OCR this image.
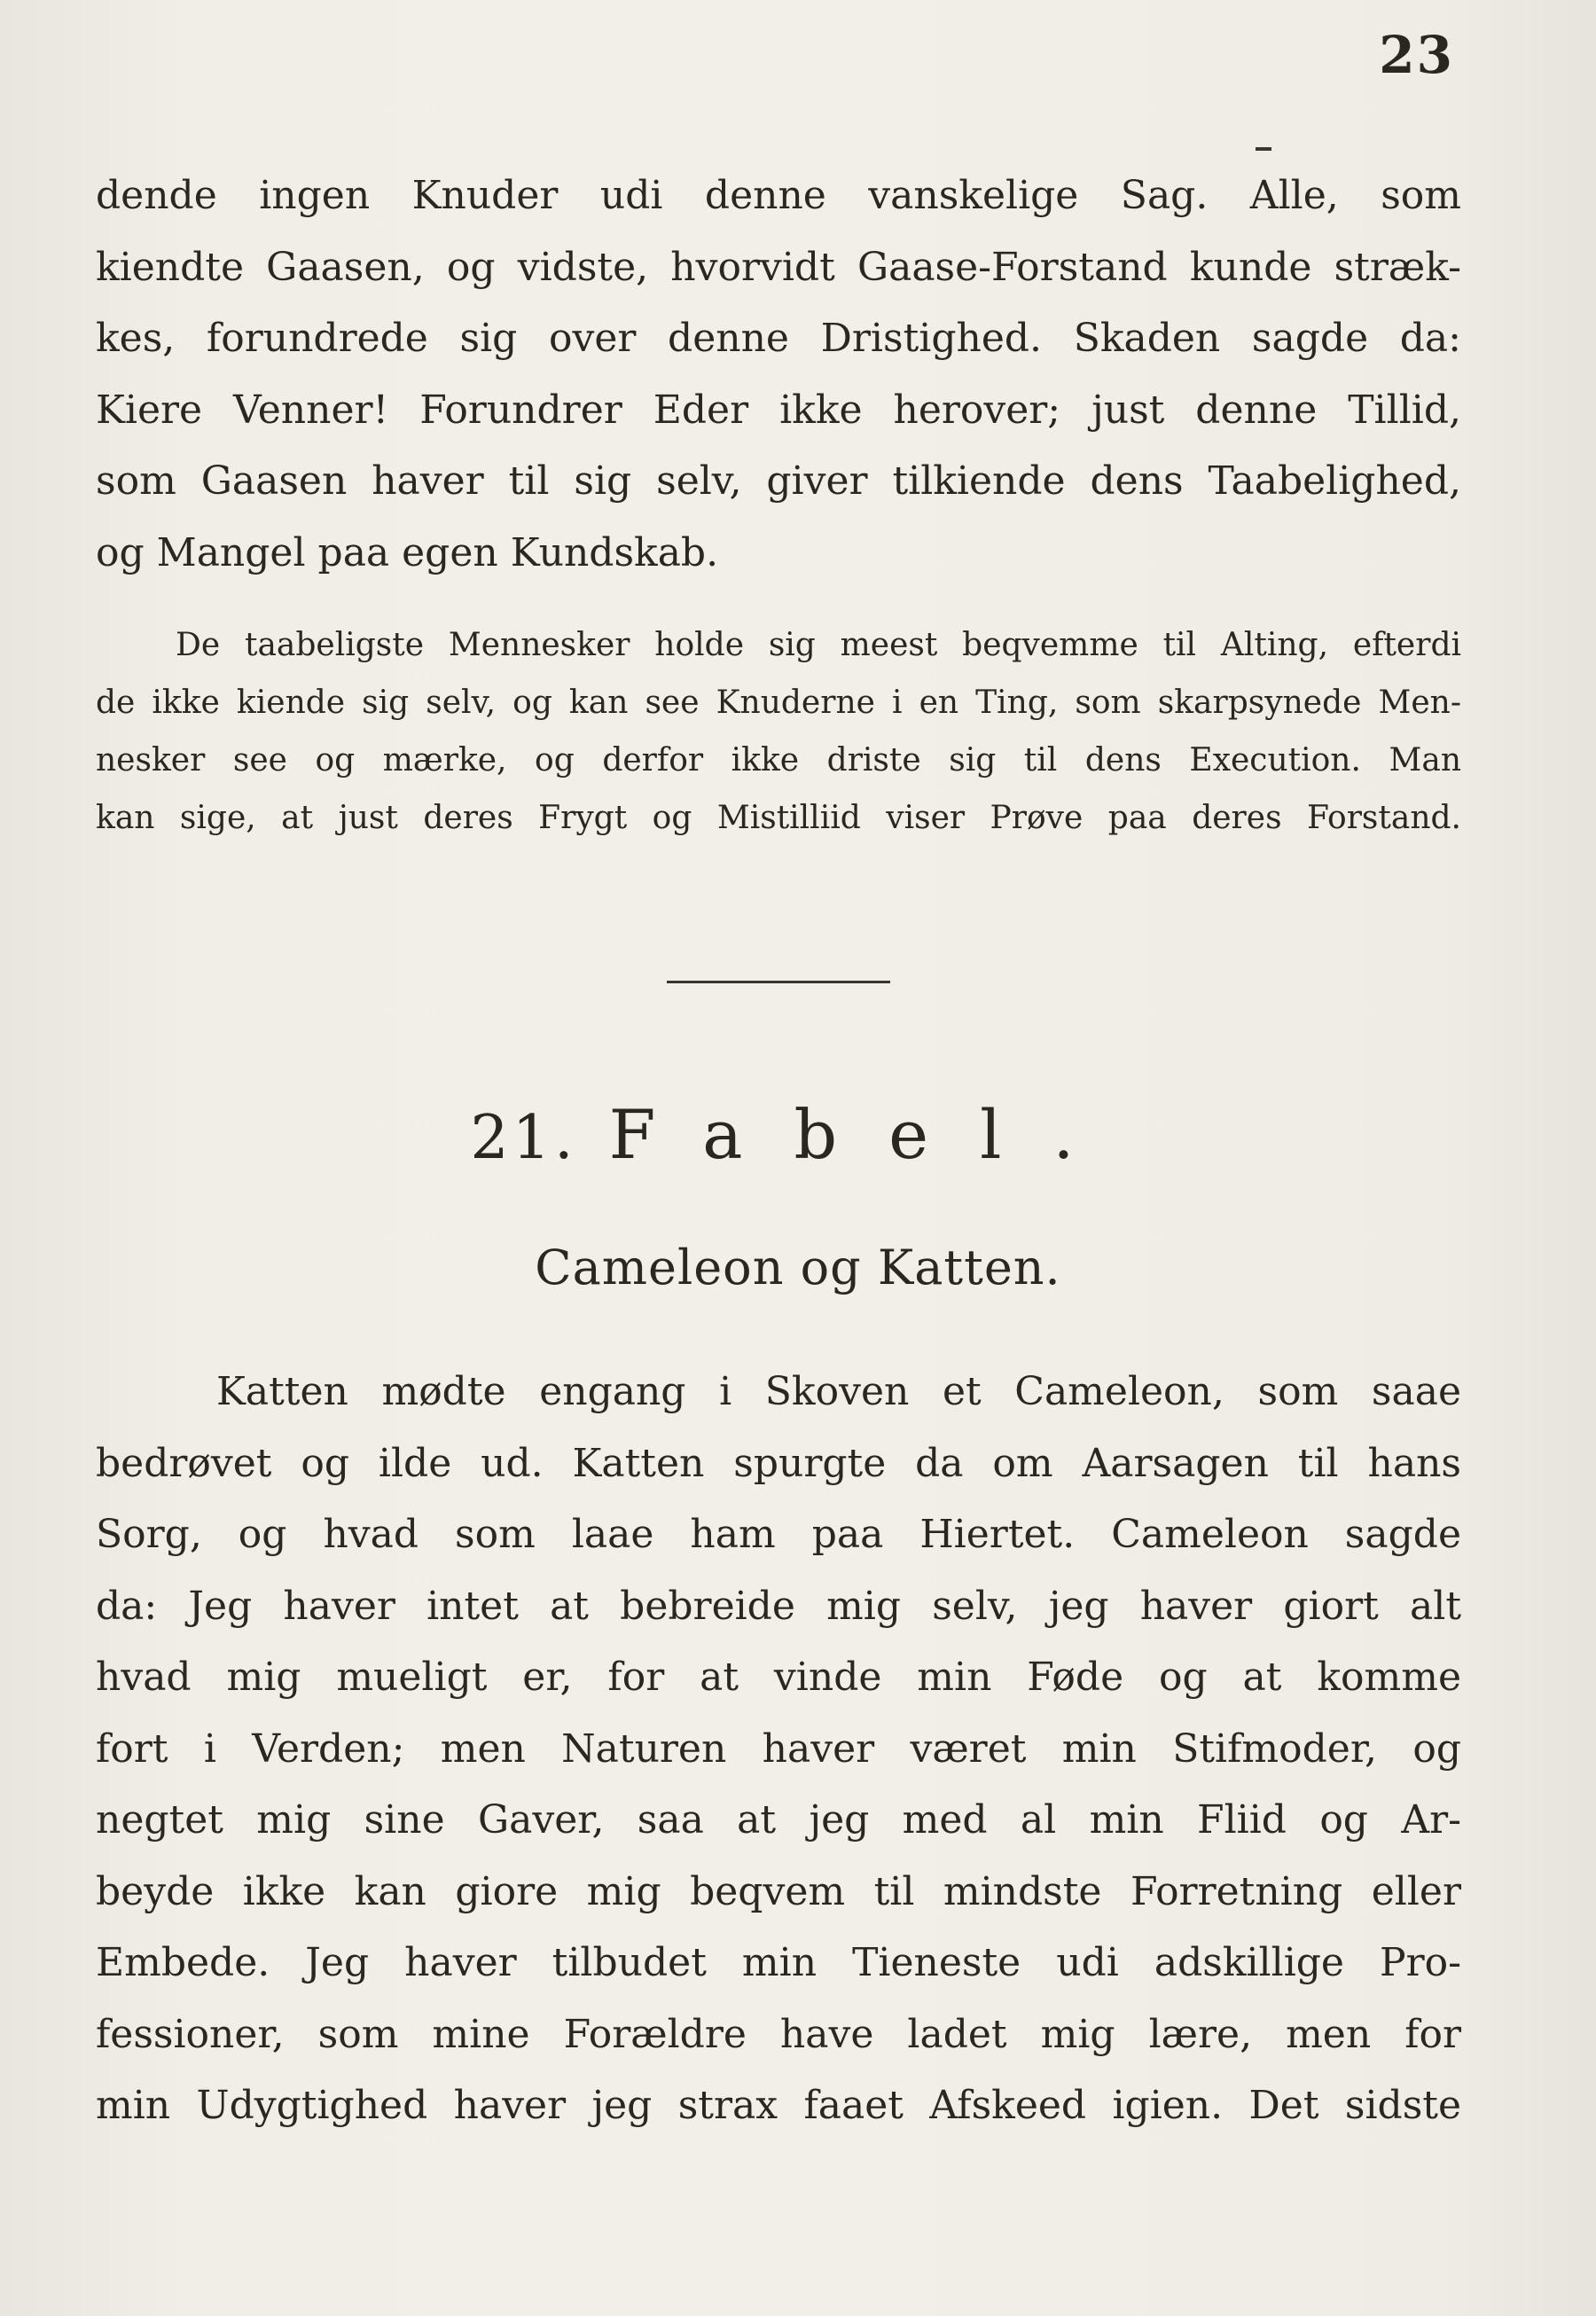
23

dende ingen Knuder udi denne vanskelige Sag. Alle, som

kiendte Gaasen, og vidste, hvorvidt Gaase-Forstand kunde stræk-

kes, forundrede sig over denne Dristighed. Skaden sagde da:

Kiere Venner! Forundrer Eder ikke herover; just denne Tillid,

som Gaasen haver til sig selv, giver tilkiende dens Taabelighed,

og Mangel paa egen Kundskab.

De taabeligste Mennesker holde sig meest beqvemme til Alting, efterdi

de ikke kiende sig selv, og kan see Knuderne i en Ting, som skarpsynede Men-

nesker see og mærke, og derfor ikke driste sig til dens Execution. Man

kan sige, at just deres Frygt og Mistilliid viser Prøve paa deres Forstand.

21. Fabel.
Cameleon og Katten.

Katten mødte engang i Skoven et Cameleon, som saae

bedrøvet og ilde ud. Katten spurgte da om Aarsagen til hans

Sorg, og hvad som laae ham paa Hiertet. Cameleon sagde

da: Jeg haver intet at bebreide mig selv, jeg haver giort alt

hvad mig mueligt er, for at vinde min Føde og at komme

fort i Verden; men Naturen haver været min Stifmoder, og

negtet mig sine Gaver, saa at jeg med al min Fliid og Ar-

beyde ikke kan giore mig beqvem til mindste Forretning eller

Embede. Jeg haver tilbudet min Tieneste udi adskillige Pro-

fessioner, som mine Forældre have ladet mig lære, men for

min Udygtighed haver jeg strax faaet Afskeed igien. Det sidste
